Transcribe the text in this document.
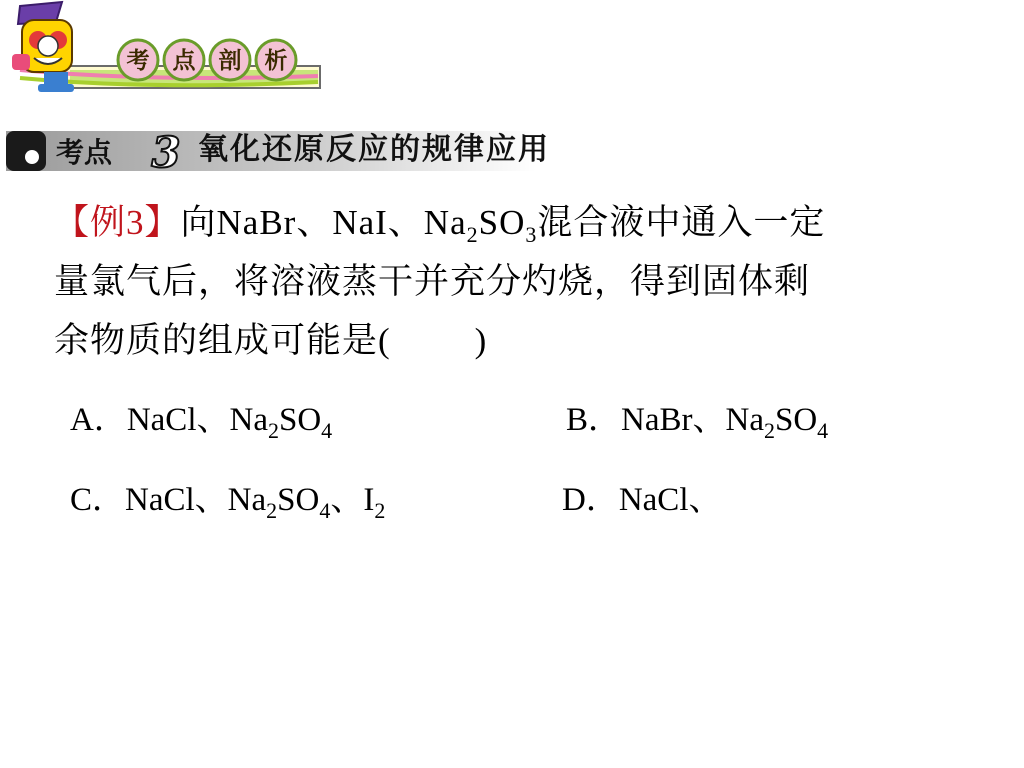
考 点 剖 析
考点 3 氧化还原反应的规律应用
【例3】向NaBr、NaI、$Na_2SO_3$混合液中通入一定
量氯气后，将溶液蒸干并充分灼烧，得到固体剩
余物质的组成可能是( )
A．NaCl、$Na_2SO_4$	B．NaBr、$Na_2SO_4$
C．NaCl、$Na_2SO_4$、$I_2$	D．NaCl、
